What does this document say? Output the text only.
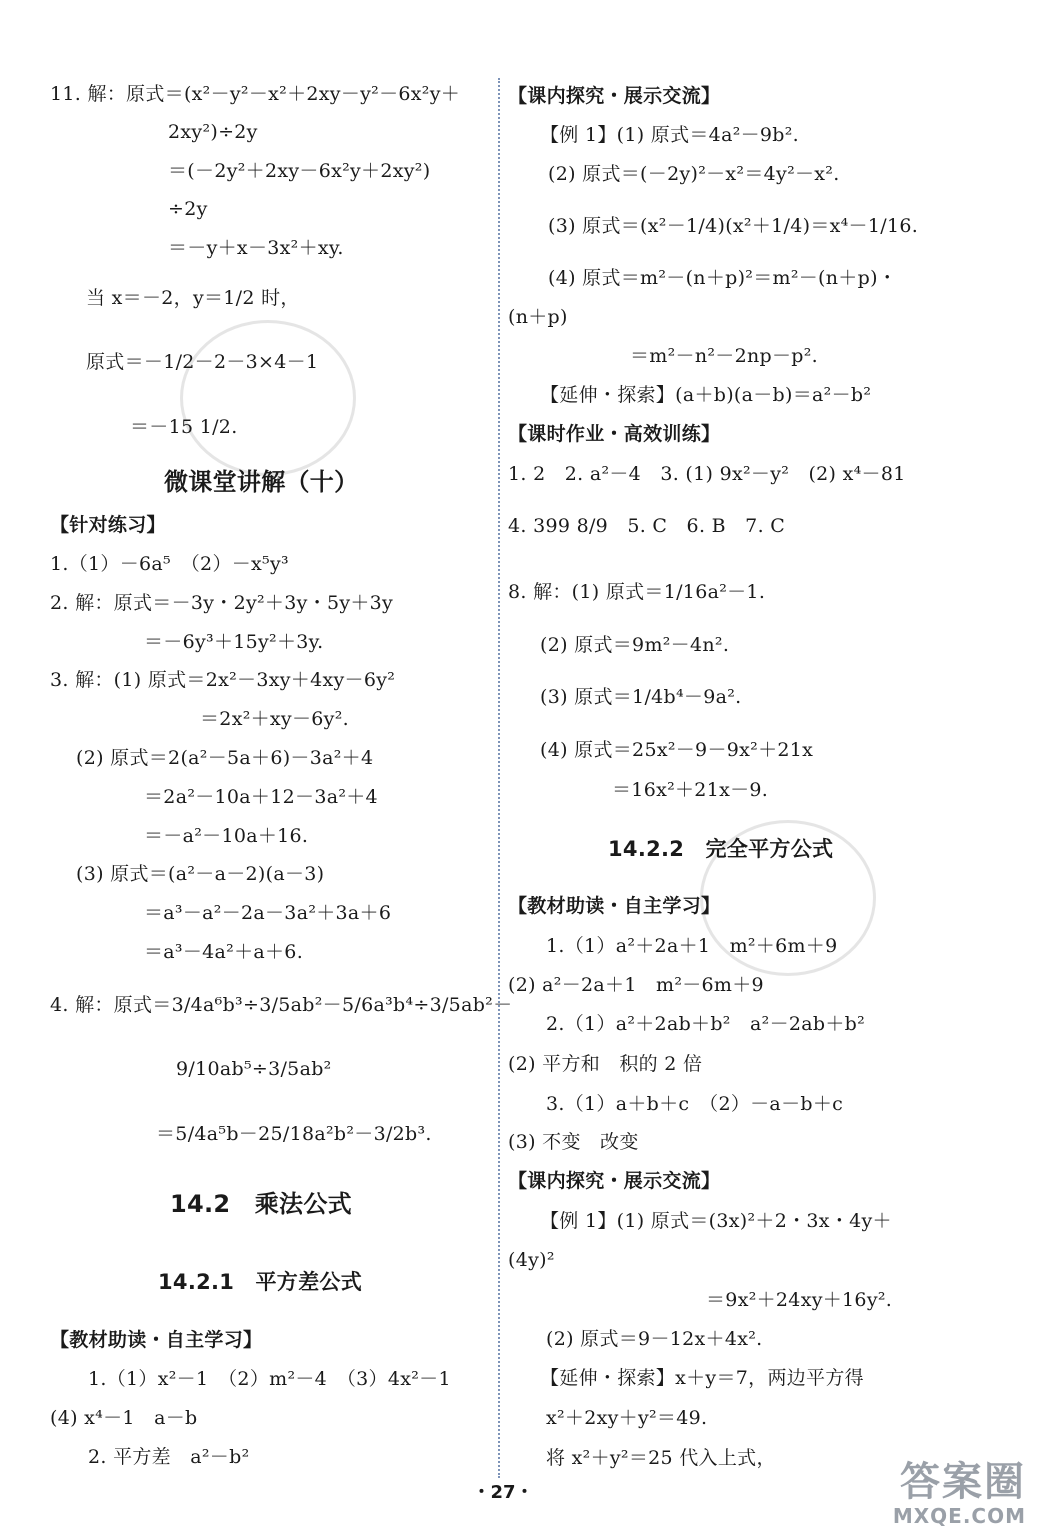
11. 解：原式＝(x²－y²－x²＋2xy－y²－6x²y＋
2xy²)÷2y
＝(－2y²＋2xy－6x²y＋2xy²)
÷2y
＝－y＋x－3x²＋xy.
当 x＝－2，y＝1/2 时，
原式＝－1/2－2－3×4－1
＝－15 1/2.
微课堂讲解（十）
【针对练习】
1.（1）－6a⁵　（2）－x⁵y³
2. 解：原式＝－3y・2y²＋3y・5y＋3y
＝－6y³＋15y²＋3y.
3. 解：(1) 原式＝2x²－3xy＋4xy－6y²
＝2x²＋xy－6y².
(2) 原式＝2(a²－5a＋6)－3a²＋4
＝2a²－10a＋12－3a²＋4
＝－a²－10a＋16.
(3) 原式＝(a²－a－2)(a－3)
＝a³－a²－2a－3a²＋3a＋6
＝a³－4a²＋a＋6.
4. 解：原式＝3/4a⁶b³÷3/5ab²－5/6a³b⁴÷3/5ab²－
9/10ab⁵÷3/5ab²
＝5/4a⁵b－25/18a²b²－3/2b³.
14.2　乘法公式
14.2.1　平方差公式
【教材助读・自主学习】
1.（1）x²－1　（2）m²－4　（3）4x²－1
(4) x⁴－1　a－b
2. 平方差　a²－b²
【课内探究・展示交流】
【例 1】(1) 原式＝4a²－9b².
(2) 原式＝(－2y)²－x²＝4y²－x².
(3) 原式＝(x²－1/4)(x²＋1/4)＝x⁴－1/16.
(4) 原式＝m²－(n＋p)²＝m²－(n＋p)・
(n＋p)
＝m²－n²－2np－p².
【延伸・探索】(a＋b)(a－b)＝a²－b²
【课时作业・高效训练】
1. 2　2. a²－4　3. (1) 9x²－y²　(2) x⁴－81
4. 399 8/9　5. C　6. B　7. C
8. 解：(1) 原式＝1/16a²－1.
(2) 原式＝9m²－4n².
(3) 原式＝1/4b⁴－9a².
(4) 原式＝25x²－9－9x²＋21x
＝16x²＋21x－9.
14.2.2　完全平方公式
【教材助读・自主学习】
1.（1）a²＋2a＋1　m²＋6m＋9
(2) a²－2a＋1　m²－6m＋9
2.（1）a²＋2ab＋b²　a²－2ab＋b²
(2) 平方和　积的 2 倍
3.（1）a＋b＋c　（2）－a－b＋c
(3) 不变　改变
【课内探究・展示交流】
【例 1】(1) 原式＝(3x)²＋2・3x・4y＋
(4y)²
＝9x²＋24xy＋16y².
(2) 原式＝9－12x＋4x².
【延伸・探索】x＋y＝7，两边平方得
x²＋2xy＋y²＝49.
将 x²＋y²＝25 代入上式，
・27・	答案圈
MXQE.COM
